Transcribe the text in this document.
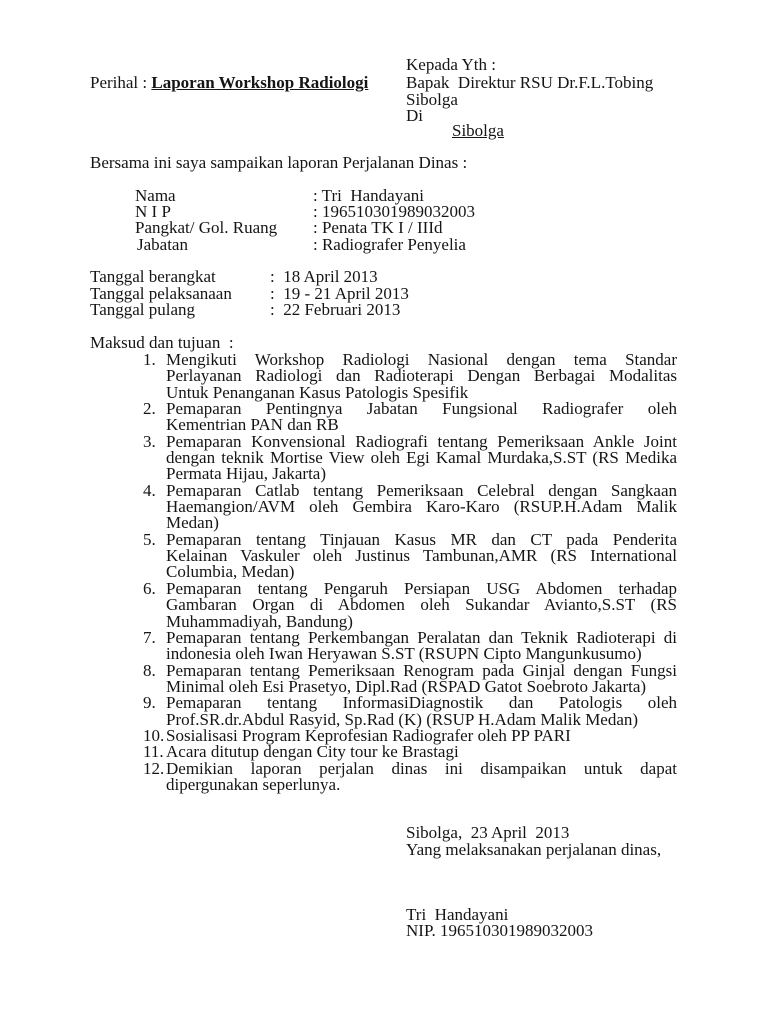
Kepada Yth :
Perihal : Laporan Workshop Radiologi Bapak  Direktur RSU Dr.F.L.Tobing
Sibolga
Di
Sibolga
Bersama ini saya sampaikan laporan Perjalanan Dinas :
Nama	: Tri  Handayani
N I P	: 196510301989032003
Pangkat/ Gol. Ruang : Penata TK I / IIId
Jabatan	: Radiografer Penyelia
Tanggal berangkat	:  18 April 2013
Tanggal pelaksanaan :  19 - 21 April 2013
Tanggal pulang	:  22 Februari 2013
Maksud dan tujuan  :
1. Mengikuti Workshop Radiologi Nasional dengan tema Standar
Perlayanan Radiologi dan Radioterapi Dengan Berbagai Modalitas
Untuk Penanganan Kasus Patologis Spesifik
2. Pemaparan Pentingnya Jabatan Fungsional Radiografer oleh
Kementrian PAN dan RB
3. Pemaparan Konvensional Radiografi tentang Pemeriksaan Ankle Joint
dengan teknik Mortise View oleh Egi Kamal Murdaka,S.ST (RS Medika
Permata Hijau, Jakarta)
4. Pemaparan Catlab tentang Pemeriksaan Celebral dengan Sangkaan
Haemangion/AVM oleh Gembira Karo-Karo (RSUP.H.Adam Malik
Medan)
5. Pemaparan tentang Tinjauan Kasus MR dan CT pada Penderita
Kelainan Vaskuler oleh Justinus Tambunan,AMR (RS International
Columbia, Medan)
6. Pemaparan tentang Pengaruh Persiapan USG Abdomen terhadap
Gambaran Organ di Abdomen oleh Sukandar Avianto,S.ST (RS
Muhammadiyah, Bandung)
7. Pemaparan tentang Perkembangan Peralatan dan Teknik Radioterapi di
indonesia oleh Iwan Heryawan S.ST (RSUPN Cipto Mangunkusumo)
8. Pemaparan tentang Pemeriksaan Renogram pada Ginjal dengan Fungsi
Minimal oleh Esi Prasetyo, Dipl.Rad (RSPAD Gatot Soebroto Jakarta)
9. Pemaparan tentang InformasiDiagnostik dan Patologis oleh
Prof.SR.dr.Abdul Rasyid, Sp.Rad (K) (RSUP H.Adam Malik Medan)
10. Sosialisasi Program Keprofesian Radiografer oleh PP PARI
11. Acara ditutup dengan City tour ke Brastagi
12. Demikian laporan perjalan dinas ini disampaikan untuk dapat
dipergunakan seperlunya.
Sibolga,  23 April  2013
Yang melaksanakan perjalanan dinas,
Tri  Handayani
NIP. 196510301989032003
